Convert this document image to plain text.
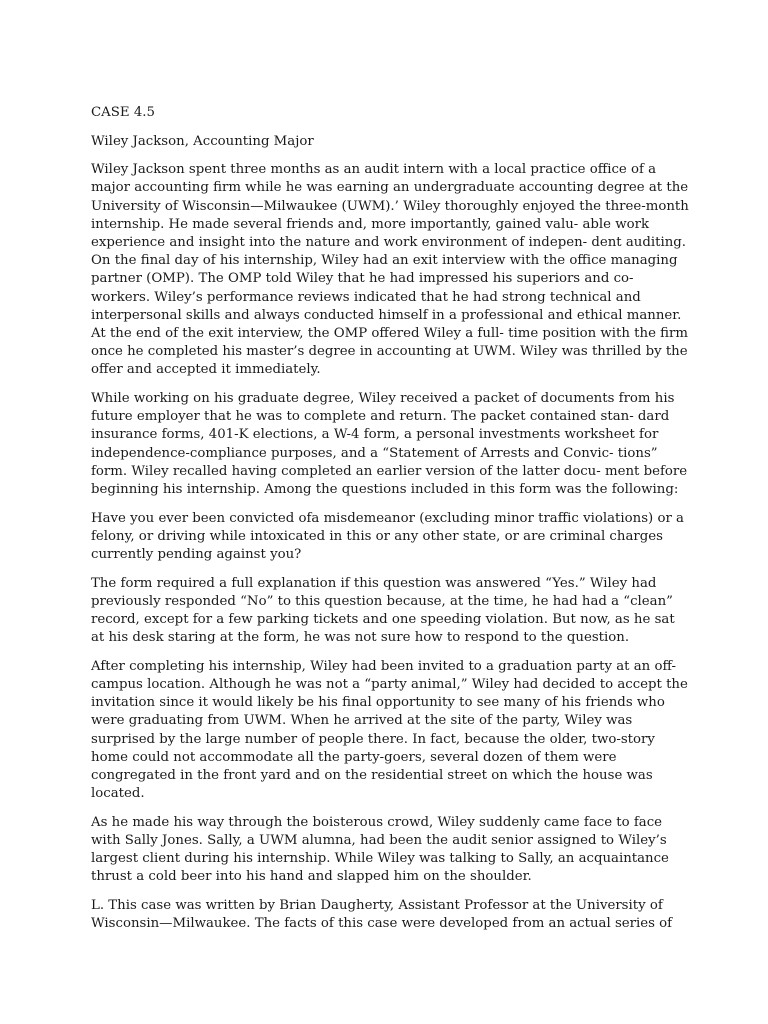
CASE 4.5

Wiley Jackson, Accounting Major

Wiley Jackson spent three months as an audit intern with a local practice office of a major accounting firm while he was earning an undergraduate accounting degree at the University of Wisconsin—Milwaukee (UWM).’ Wiley thoroughly enjoyed the three-month internship. He made several friends and, more importantly, gained valu- able work experience and insight into the nature and work environment of indepen- dent auditing. On the final day of his internship, Wiley had an exit interview with the office managing partner (OMP). The OMP told Wiley that he had impressed his superiors and co-workers. Wiley’s performance reviews indicated that he had strong technical and interpersonal skills and always conducted himself in a professional and ethical manner. At the end of the exit interview, the OMP offered Wiley a full- time position with the firm once he completed his master’s degree in accounting at UWM. Wiley was thrilled by the offer and accepted it immediately.

While working on his graduate degree, Wiley received a packet of documents from his future employer that he was to complete and return. The packet contained stan- dard insurance forms, 401-K elections, a W-4 form, a personal investments worksheet for independence-compliance purposes, and a “Statement of Arrests and Convic- tions” form. Wiley recalled having completed an earlier version of the latter docu- ment before beginning his internship. Among the questions included in this form was the following:

Have you ever been convicted ofa misdemeanor (excluding minor traffic violations) or a felony, or driving while intoxicated in this or any other state, or are criminal charges currently pending against you?

The form required a full explanation if this question was answered “Yes.” Wiley had previously responded “No” to this question because, at the time, he had had a “clean” record, except for a few parking tickets and one speeding violation. But now, as he sat at his desk staring at the form, he was not sure how to respond to the question.

After completing his internship, Wiley had been invited to a graduation party at an off- campus location. Although he was not a “party animal,” Wiley had decided to accept the invitation since it would likely be his final opportunity to see many of his friends who were graduating from UWM. When he arrived at the site of the party, Wiley was surprised by the large number of people there. In fact, because the older, two-story home could not accommodate all the party-goers, several dozen of them were congregated in the front yard and on the residential street on which the house was located.

As he made his way through the boisterous crowd, Wiley suddenly came face to face with Sally Jones. Sally, a UWM alumna, had been the audit senior assigned to Wiley’s largest client during his internship. While Wiley was talking to Sally, an acquaintance thrust a cold beer into his hand and slapped him on the shoulder.

L. This case was written by Brian Daugherty, Assistant Professor at the University of Wisconsin—Milwaukee. The facts of this case were developed from an actual series of
